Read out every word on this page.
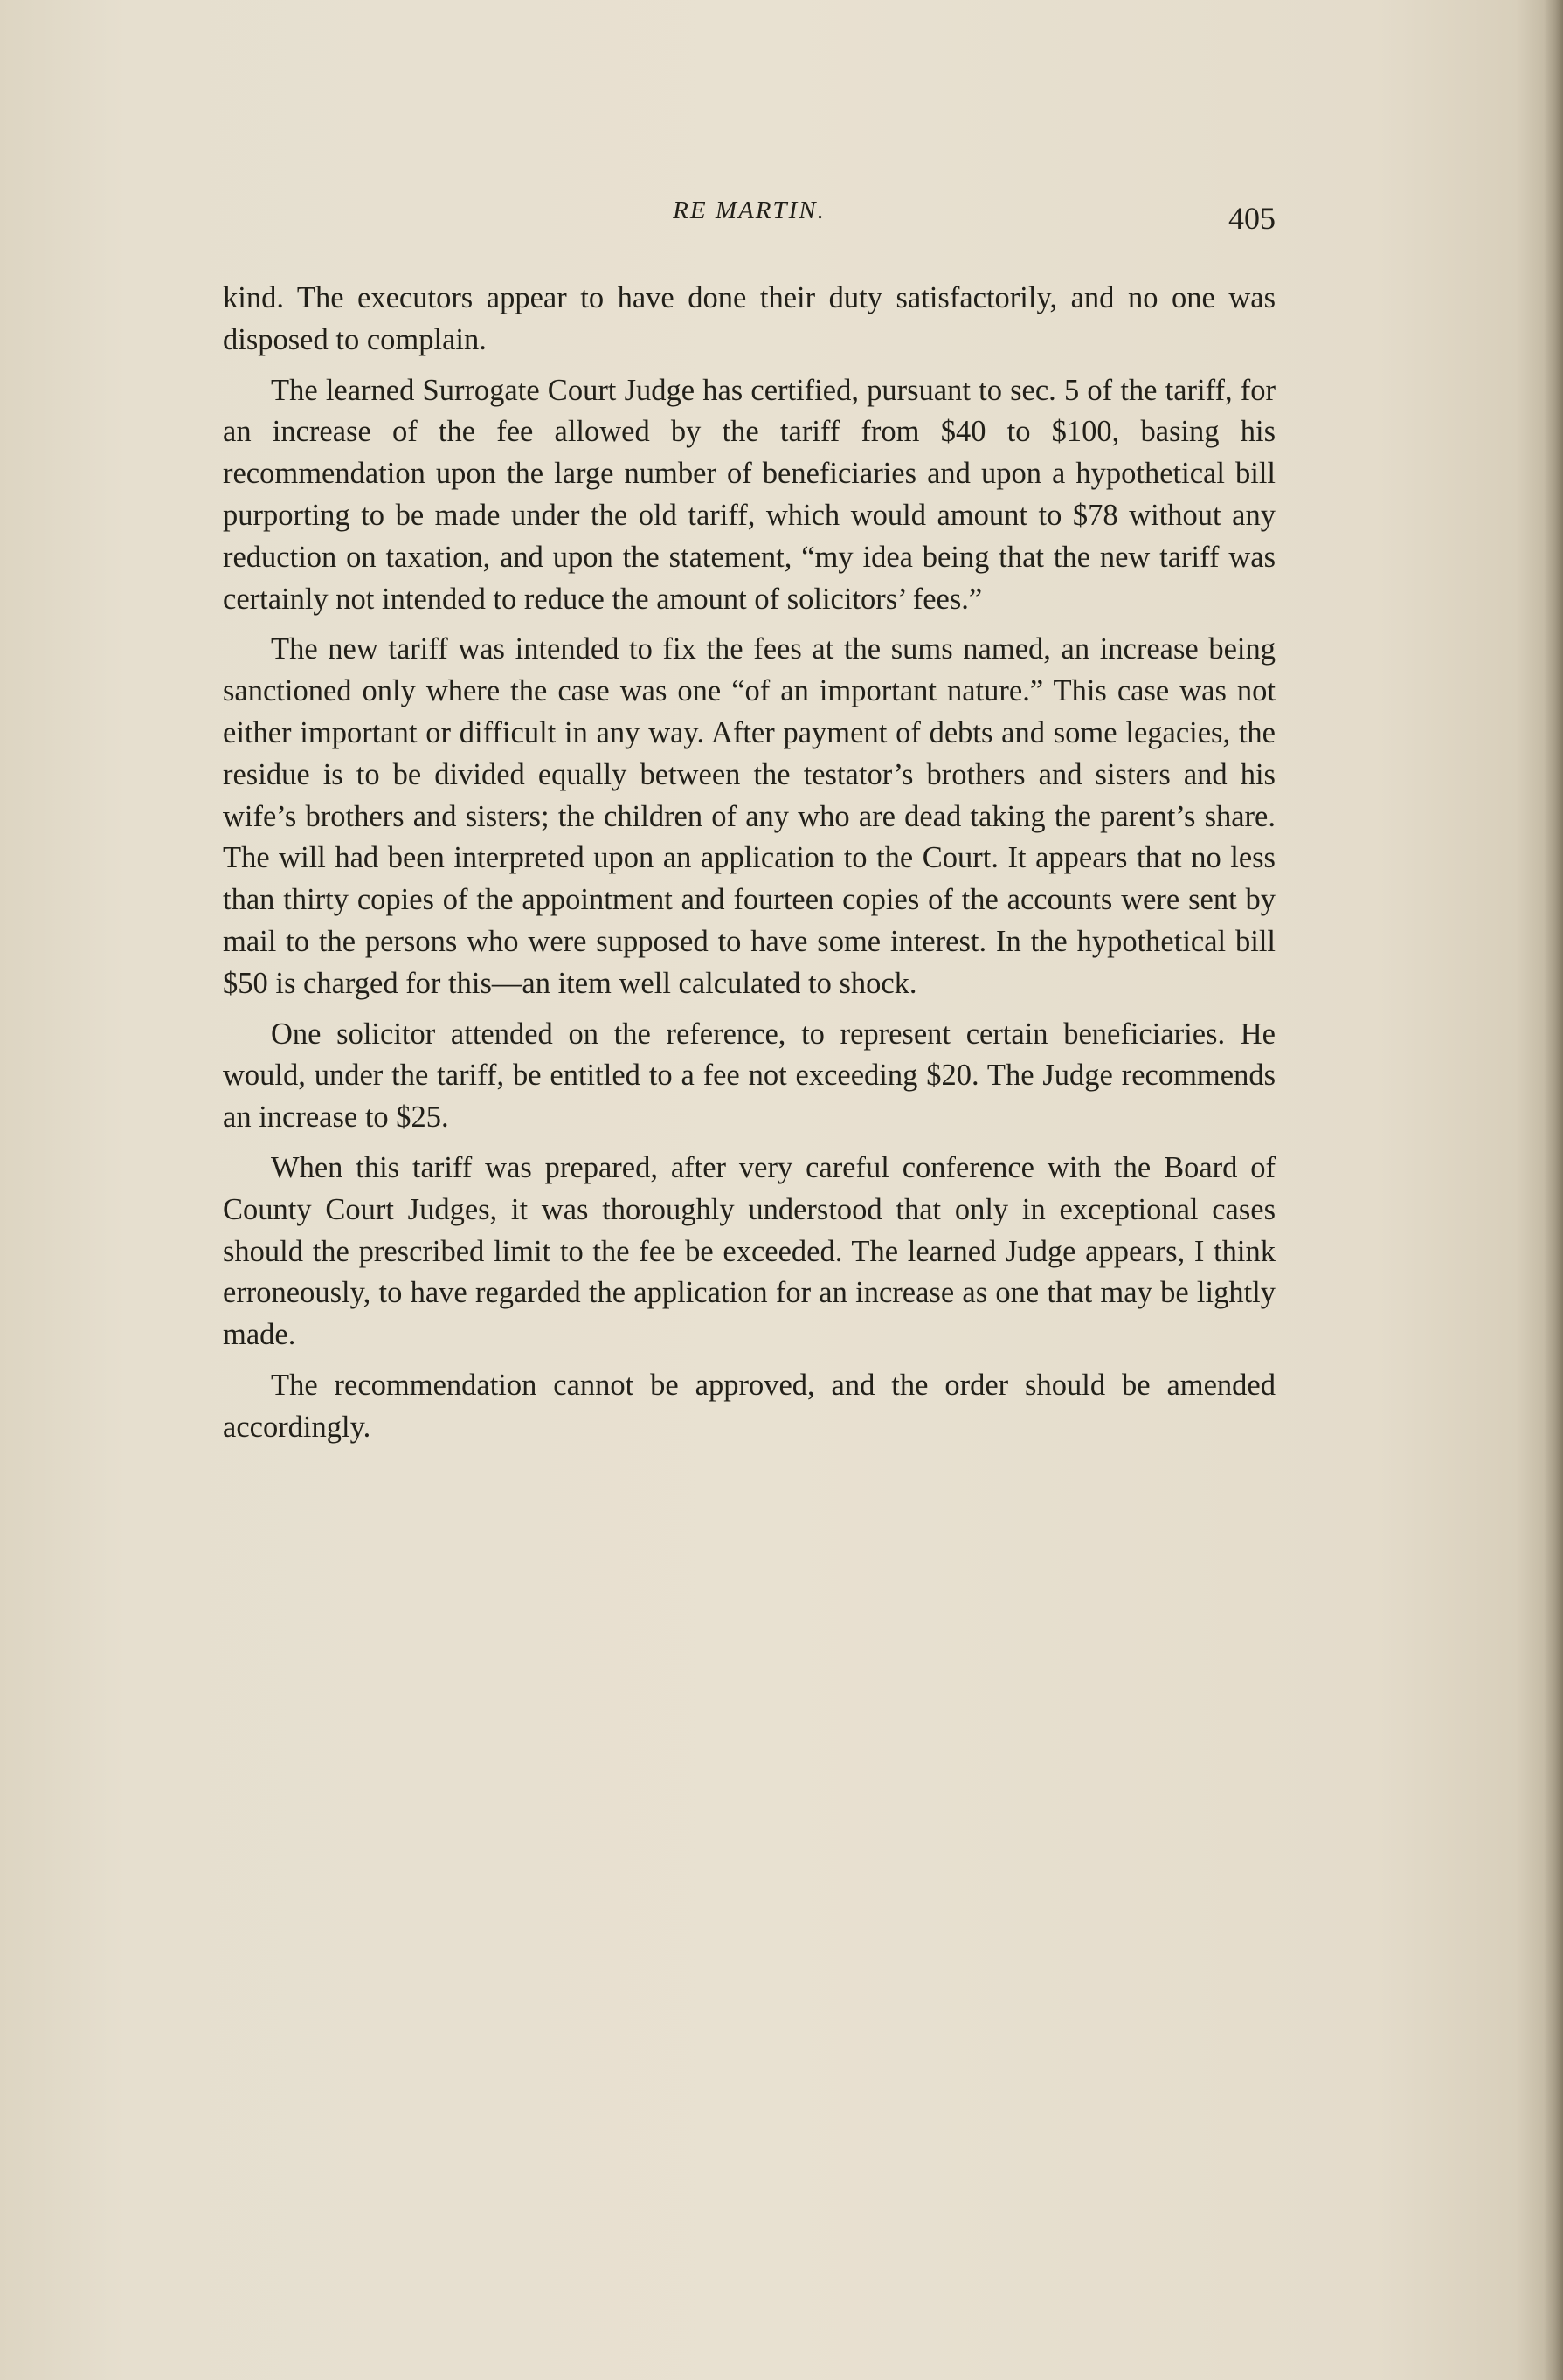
RE MARTIN.	405

kind. The executors appear to have done their duty satisfactorily, and no one was disposed to complain.

The learned Surrogate Court Judge has certified, pursuant to sec. 5 of the tariff, for an increase of the fee allowed by the tariff from $40 to $100, basing his recommendation upon the large number of beneficiaries and upon a hypothetical bill purporting to be made under the old tariff, which would amount to $78 without any reduction on taxation, and upon the statement, “my idea being that the new tariff was certainly not intended to reduce the amount of solicitors’ fees.”

The new tariff was intended to fix the fees at the sums named, an increase being sanctioned only where the case was one “of an important nature.” This case was not either important or difficult in any way. After payment of debts and some legacies, the residue is to be divided equally between the testator’s brothers and sisters and his wife’s brothers and sisters; the children of any who are dead taking the parent’s share. The will had been interpreted upon an application to the Court. It appears that no less than thirty copies of the appointment and fourteen copies of the accounts were sent by mail to the persons who were supposed to have some interest. In the hypothetical bill $50 is charged for this—an item well calculated to shock.

One solicitor attended on the reference, to represent certain beneficiaries. He would, under the tariff, be entitled to a fee not exceeding $20. The Judge recommends an increase to $25.

When this tariff was prepared, after very careful conference with the Board of County Court Judges, it was thoroughly understood that only in exceptional cases should the prescribed limit to the fee be exceeded. The learned Judge appears, I think erroneously, to have regarded the application for an increase as one that may be lightly made.

The recommendation cannot be approved, and the order should be amended accordingly.
